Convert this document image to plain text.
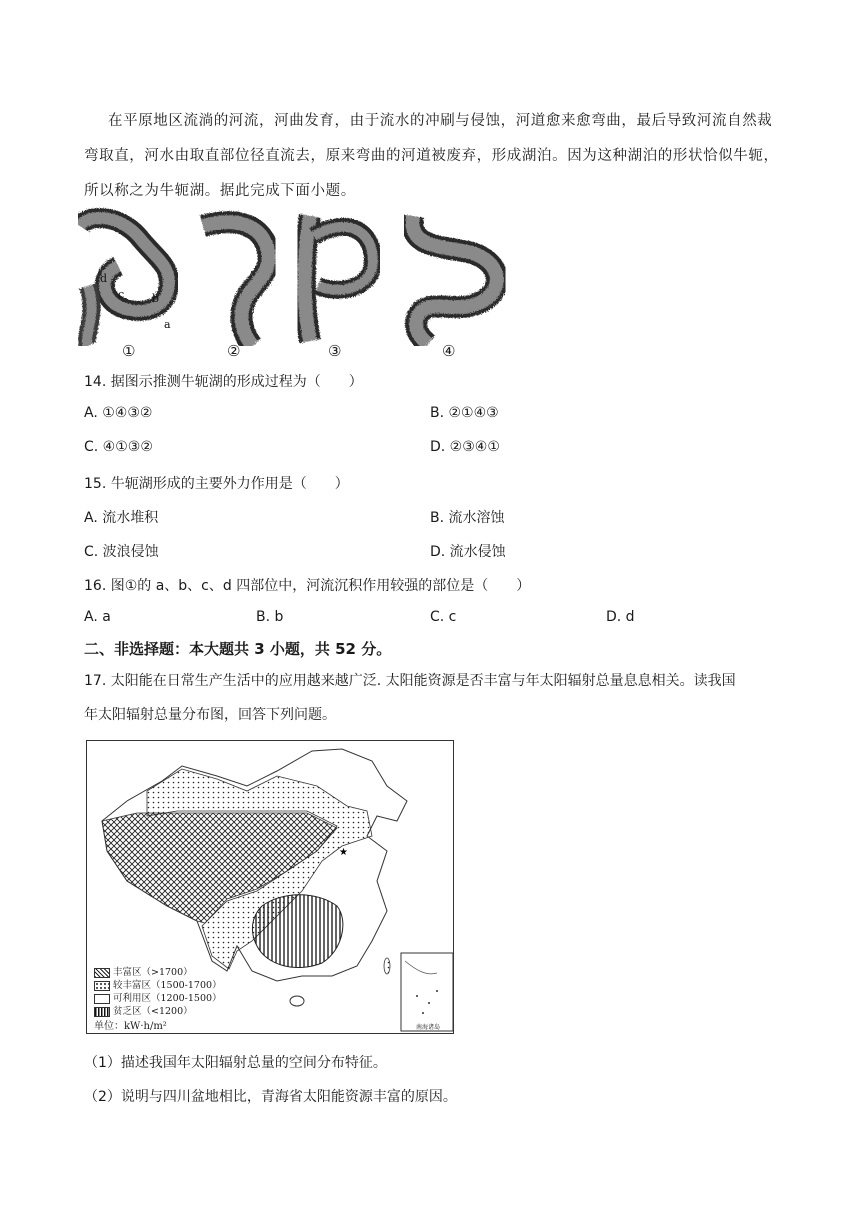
在平原地区流淌的河流，河曲发育，由于流水的冲刷与侵蚀，河道愈来愈弯曲，最后导致河流自然裁
弯取直，河水由取直部位径直流去，原来弯曲的河道被废弃，形成湖泊。因为这种湖泊的形状恰似牛轭，
所以称之为牛轭湖。据此完成下面小题。
d
c	b
a
①	②	③	④
14. 据图示推测牛轭湖的形成过程为（　　）
A. ①④③②	B. ②①④③
C. ④①③②	D. ②③④①
15. 牛轭湖形成的主要外力作用是（　　）
A. 流水堆积	B. 流水溶蚀
C. 波浪侵蚀	D. 流水侵蚀
16. 图①的 a、b、c、d 四部位中，河流沉积作用较强的部位是（　　）
A. a	B. b	C. c	D. d
二、非选择题：本大题共 3 小题，共 52 分。
17. 太阳能在日常生产生活中的应用越来越广泛. 太阳能资源是否丰富与年太阳辐射总量息息相关。读我国
年太阳辐射总量分布图，回答下列问题。
★
南海诸岛
丰富区（>1700）
较丰富区（1500-1700）
可利用区（1200-1500）
贫乏区（<1200）
单位：kW·h/m²
（1）描述我国年太阳辐射总量的空间分布特征。
（2）说明与四川盆地相比，青海省太阳能资源丰富的原因。
